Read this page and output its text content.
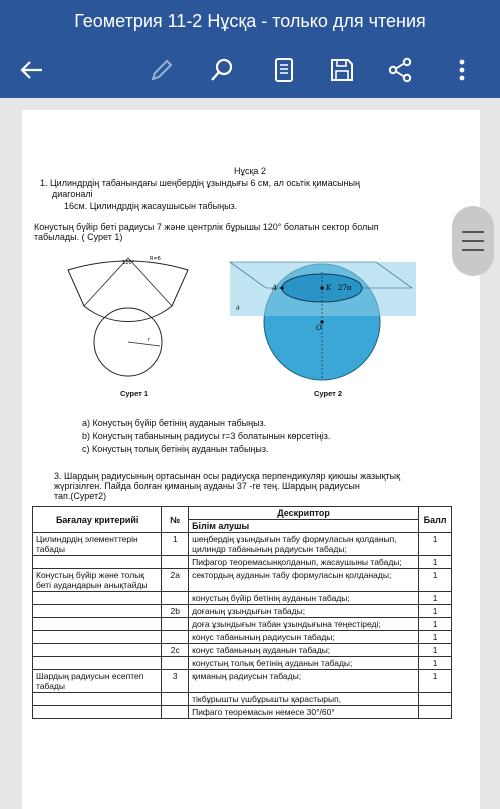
Геометрия 11-2 Нұсқа - только для чтения
Нұсқа 2
1. Цилиндрдің табанындағы шеңбердің ұзындығы 6 см, ал осьтік қимасының
диагоналі
16см. Цилиндрдің жасаушысын табыңыз.
Конустың бүйір беті радиусы 7 және центрлік бұрышы 120° болатын сектор болып
табылады. ( Сурет 1)
120°
R=6
r
Сурет 1
A	K 27π
O
∂
Сурет 2
a) Конустың бүйір бетінің ауданын табыңыз.
b) Конустың табанының радиусы r=3 болатынын көрсетіңіз.
c) Конустың толық бетінің ауданын табыңыз.
3. Шардың радиусының ортасынан осы радиусқа перпендикуляр қиюшы жазықтық
жүргізілген. Пайда болған қиманың ауданы 37 -ге тең. Шардың радиусын
тап.(Сурет2)
Бағалау критерийі	№	Дескриптор	Балл
		Білім алушы	
Цилиндрдің элементтерін табады	1	шеңбердің ұзындығын табу формуласын қолданып, цилиндр табанының радиусын табады;	1
		Пифагор теоремасынқолданып, жасаушыны табады;	1
Конустың бүйір және толық беті аудандарын анықтайды	2a	сектордың ауданын табу формуласын қолданады;	1
		конустың бүйір бетінің ауданын табады;	1
	2b	доғаның ұзындығын табады;	1
		доға ұзындығын табан ұзындығына теңестіреді;	1
		конус табанының радиусын табады;	1
	2c	конус табанының ауданын табады;	1
		конустың толық бетінің ауданын табады;	1
Шардың радиусын есептеп табады	3	қиманың радиусын табады;	1
		тікбұрышты үшбұрышты қарастырып,	
		Пифаго теоремасын немесе 30°/60°	
